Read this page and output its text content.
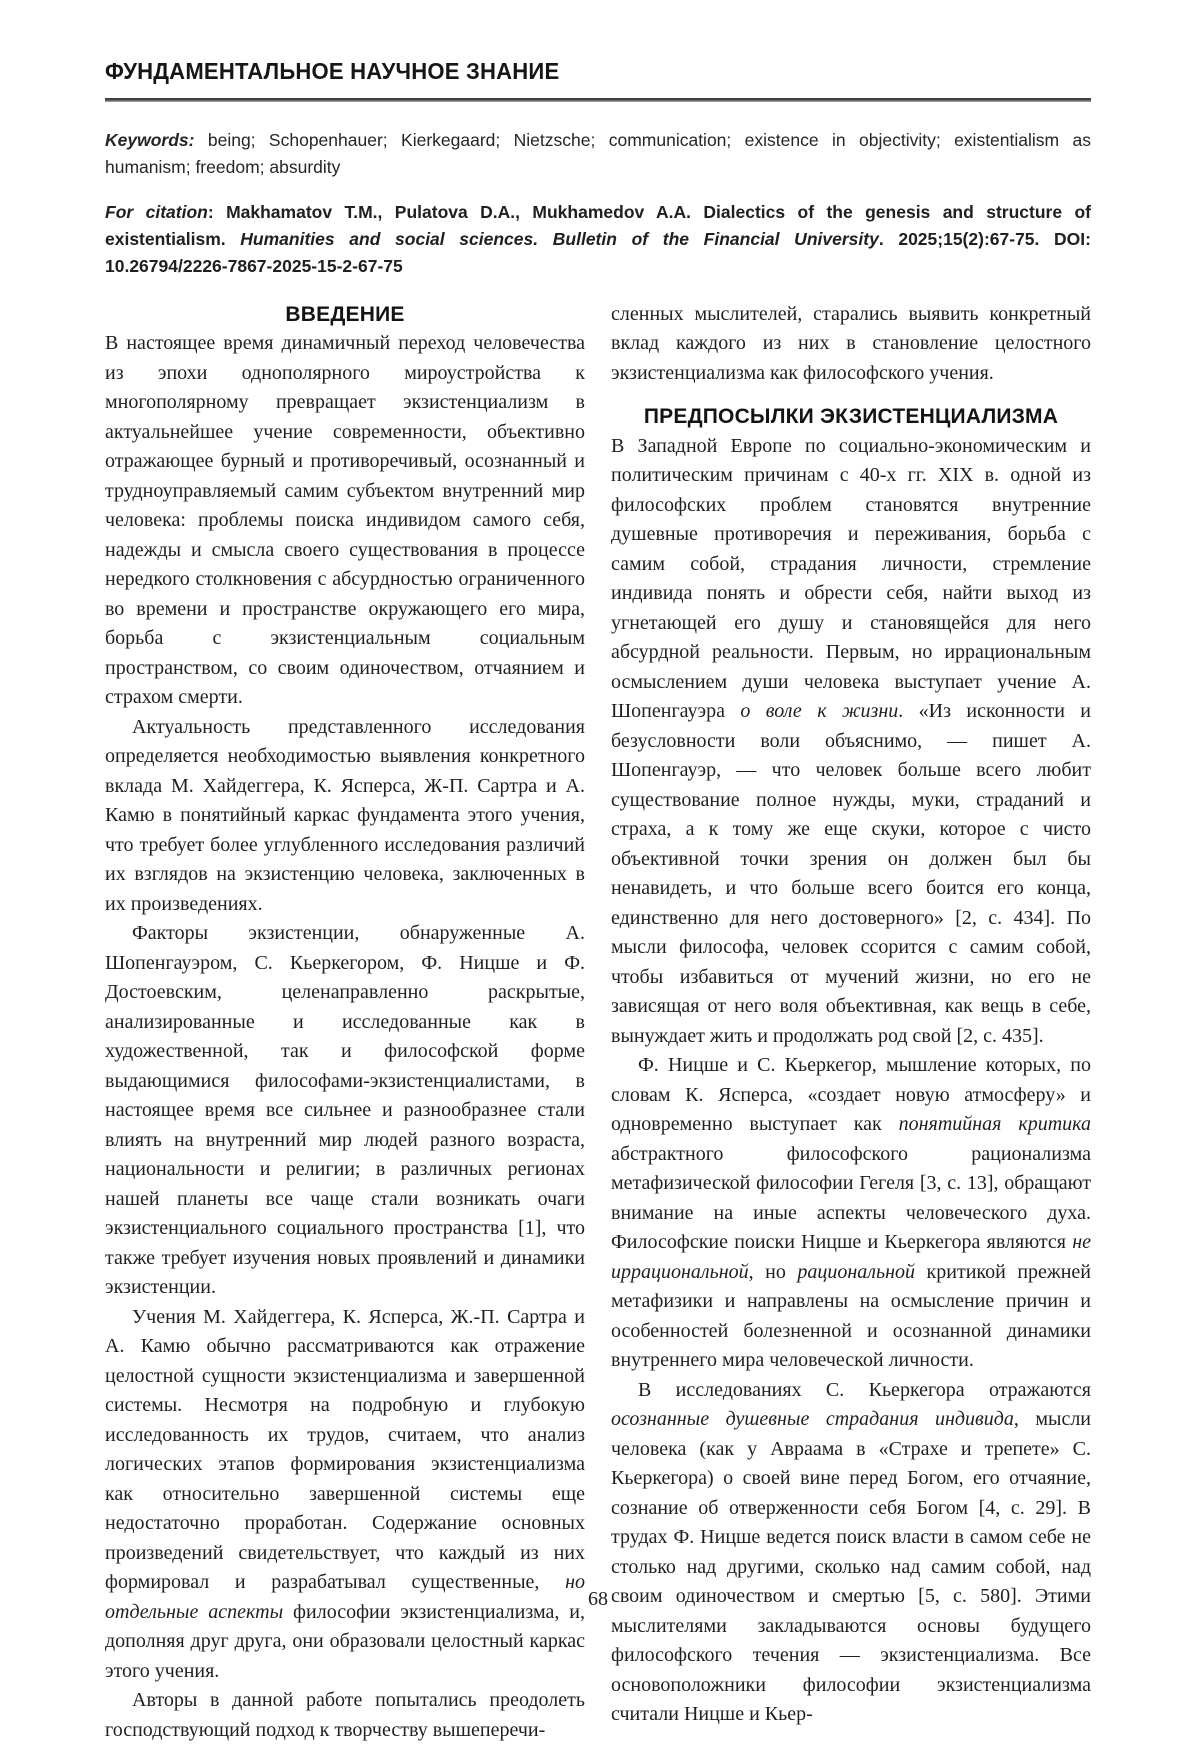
ФУНДАМЕНТАЛЬНОЕ НАУЧНОЕ ЗНАНИЕ

Keywords: being; Schopenhauer; Kierkegaard; Nietzsche; communication; existence in objectivity; existentialism as humanism; freedom; absurdity

For citation: Makhamatov T.M., Pulatova D.A., Mukhamedov A.A. Dialectics of the genesis and structure of existentialism. Humanities and social sciences. Bulletin of the Financial University. 2025;15(2):67-75. DOI: 10.26794/2226-7867-2025-15-2-67-75

ВВЕДЕНИЕ

В настоящее время динамичный переход человечества из эпохи однополярного мироустройства к многополярному превращает экзистенциализм в актуальнейшее учение современности, объективно отражающее бурный и противоречивый, осознанный и трудноуправляемый самим субъектом внутренний мир человека: проблемы поиска индивидом самого себя, надежды и смысла своего существования в процессе нередкого столкновения с абсурдностью ограниченного во времени и пространстве окружающего его мира, борьба с экзистенциальным социальным пространством, со своим одиночеством, отчаянием и страхом смерти.

Актуальность представленного исследования определяется необходимостью выявления конкретного вклада М. Хайдеггера, К. Ясперса, Ж-П. Сартра и А. Камю в понятийный каркас фундамента этого учения, что требует более углубленного исследования различий их взглядов на экзистенцию человека, заключенных в их произведениях.

Факторы экзистенции, обнаруженные А. Шопенгауэром, С. Кьеркегором, Ф. Ницше и Ф. Достоевским, целенаправленно раскрытые, анализированные и исследованные как в художественной, так и философской форме выдающимися философами-экзистенциалистами, в настоящее время все сильнее и разнообразнее стали влиять на внутренний мир людей разного возраста, национальности и религии; в различных регионах нашей планеты все чаще стали возникать очаги экзистенциального социального пространства [1], что также требует изучения новых проявлений и динамики экзистенции.

Учения М. Хайдеггера, К. Ясперса, Ж.-П. Сартра и А. Камю обычно рассматриваются как отражение целостной сущности экзистенциализма и завершенной системы. Несмотря на подробную и глубокую исследованность их трудов, считаем, что анализ логических этапов формирования экзистенциализма как относительно завершенной системы еще недостаточно проработан. Содержание основных произведений свидетельствует, что каждый из них формировал и разрабатывал существенные, но отдельные аспекты философии экзистенциализма, и, дополняя друг друга, они образовали целостный каркас этого учения.

Авторы в данной работе попытались преодолеть господствующий подход к творчеству вышеперечи-

сленных мыслителей, старались выявить конкретный вклад каждого из них в становление целостного экзистенциализма как философского учения.

ПРЕДПОСЫЛКИ ЭКЗИСТЕНЦИАЛИЗМА

В Западной Европе по социально-экономическим и политическим причинам с 40-х гг. XIX в. одной из философских проблем становятся внутренние душевные противоречия и переживания, борьба с самим собой, страдания личности, стремление индивида понять и обрести себя, найти выход из угнетающей его душу и становящейся для него абсурдной реальности. Первым, но иррациональным осмыслением души человека выступает учение А. Шопенгауэра о воле к жизни. «Из исконности и безусловности воли объяснимо, — пишет А. Шопенгауэр, — что человек больше всего любит существование полное нужды, муки, страданий и страха, а к тому же еще скуки, которое с чисто объективной точки зрения он должен был бы ненавидеть, и что больше всего боится его конца, единственно для него достоверного» [2, с. 434]. По мысли философа, человек ссорится с самим собой, чтобы избавиться от мучений жизни, но его не зависящая от него воля объективная, как вещь в себе, вынуждает жить и продолжать род свой [2, с. 435].

Ф. Ницше и С. Кьеркегор, мышление которых, по словам К. Ясперса, «создает новую атмосферу» и одновременно выступает как понятийная критика абстрактного философского рационализма метафизической философии Гегеля [3, с. 13], обращают внимание на иные аспекты человеческого духа. Философские поиски Ницше и Кьеркегора являются не иррациональной, но рациональной критикой прежней метафизики и направлены на осмысление причин и особенностей болезненной и осознанной динамики внутреннего мира человеческой личности.

В исследованиях С. Кьеркегора отражаются осознанные душевные страдания индивида, мысли человека (как у Авраама в «Страхе и трепете» С. Кьеркегора) о своей вине перед Богом, его отчаяние, сознание об отверженности себя Богом [4, с. 29]. В трудах Ф. Ницше ведется поиск власти в самом себе не столько над другими, сколько над самим собой, над своим одиночеством и смертью [5, с. 580]. Этими мыслителями закладываются основы будущего философского течения — экзистенциализма. Все основоположники философии экзистенциализма считали Ницше и Кьер-

68
